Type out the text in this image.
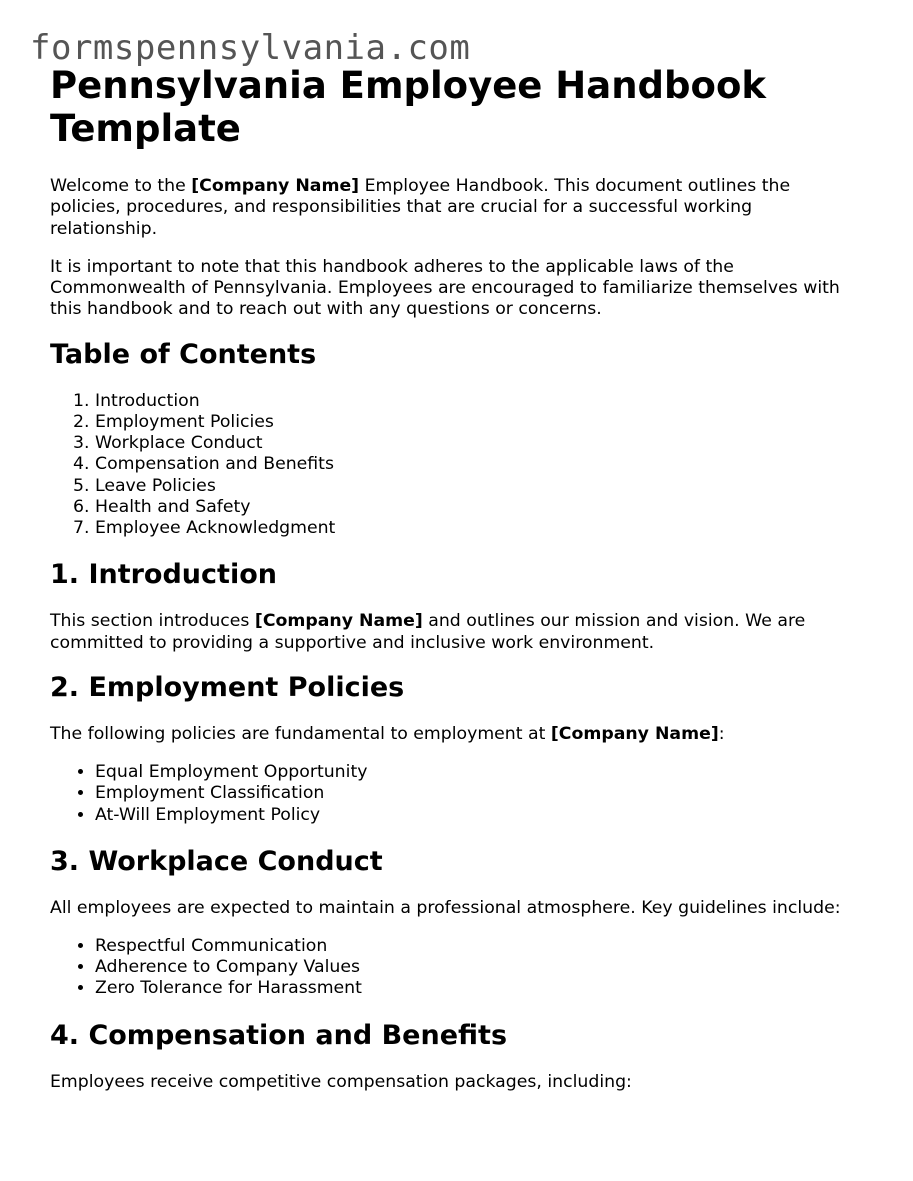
formspennsylvania.com
Pennsylvania Employee Handbook Template

Welcome to the [Company Name] Employee Handbook. This document outlines the policies, procedures, and responsibilities that are crucial for a successful working relationship.

It is important to note that this handbook adheres to the applicable laws of the Commonwealth of Pennsylvania. Employees are encouraged to familiarize themselves with this handbook and to reach out with any questions or concerns.

Table of Contents
1. Introduction
2. Employment Policies
3. Workplace Conduct
4. Compensation and Benefits
5. Leave Policies
6. Health and Safety
7. Employee Acknowledgment
1. Introduction

This section introduces [Company Name] and outlines our mission and vision. We are committed to providing a supportive and inclusive work environment.

2. Employment Policies

The following policies are fundamental to employment at [Company Name]:

• Equal Employment Opportunity
• Employment Classification
• At-Will Employment Policy
3. Workplace Conduct

All employees are expected to maintain a professional atmosphere. Key guidelines include:

• Respectful Communication
• Adherence to Company Values
• Zero Tolerance for Harassment
4. Compensation and Benefits

Employees receive competitive compensation packages, including:
